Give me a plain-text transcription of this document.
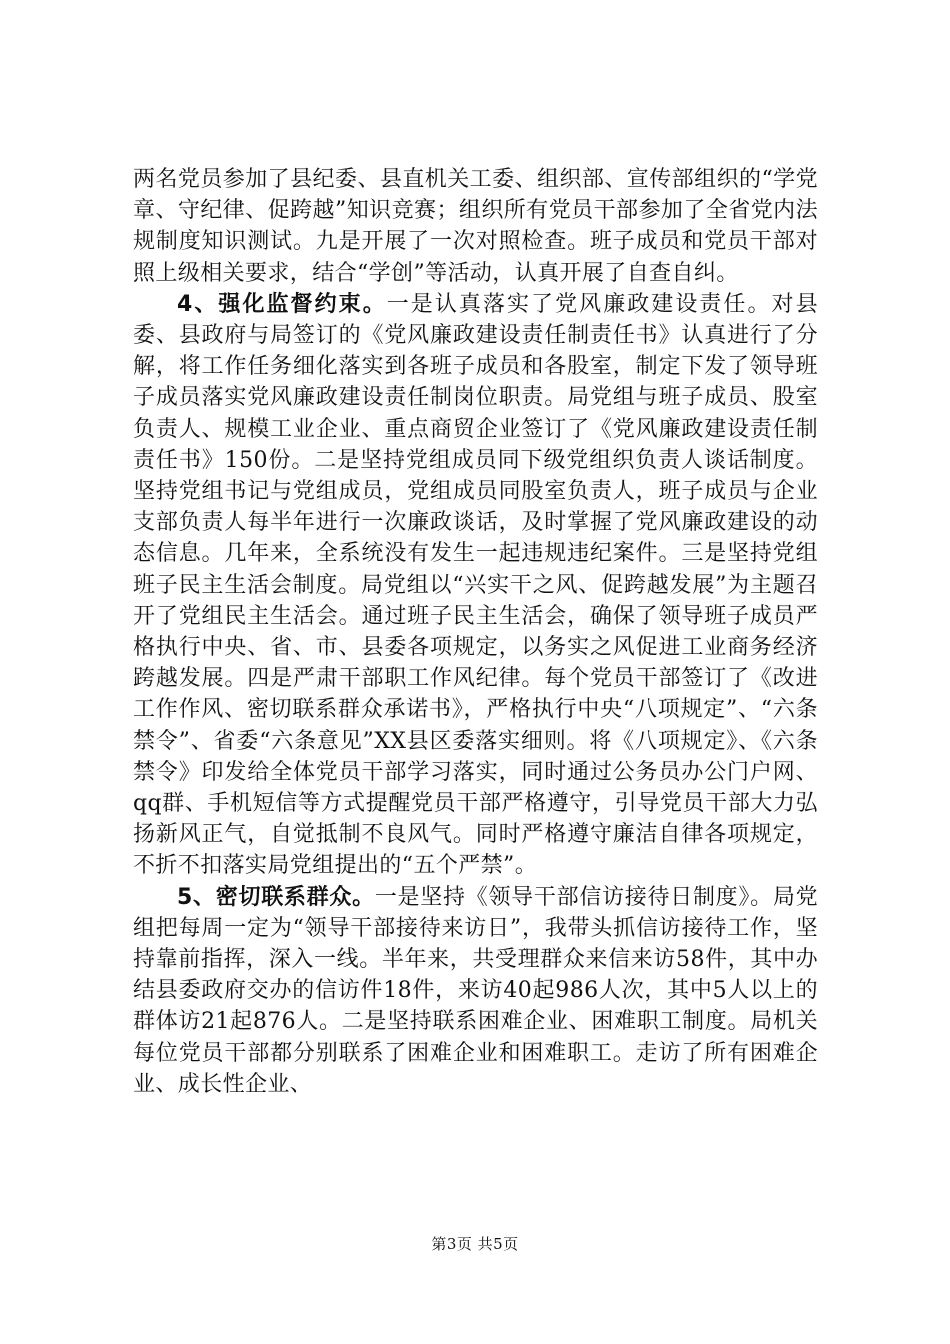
两名党员参加了县纪委、县直机关工委、组织部、宣传部组织的“学党章、守纪律、促跨越”知识竞赛；组织所有党员干部参加了全省党内法规制度知识测试。九是开展了一次对照检查。班子成员和党员干部对照上级相关要求，结合“学创”等活动，认真开展了自查自纠。

4、强化监督约束。一是认真落实了党风廉政建设责任。对县委、县政府与局签订的《党风廉政建设责任制责任书》认真进行了分解，将工作任务细化落实到各班子成员和各股室，制定下发了领导班子成员落实党风廉政建设责任制岗位职责。局党组与班子成员、股室负责人、规模工业企业、重点商贸企业签订了《党风廉政建设责任制责任书》150份。二是坚持党组成员同下级党组织负责人谈话制度。坚持党组书记与党组成员，党组成员同股室负责人，班子成员与企业支部负责人每半年进行一次廉政谈话，及时掌握了党风廉政建设的动态信息。几年来，全系统没有发生一起违规违纪案件。三是坚持党组班子民主生活会制度。局党组以“兴实干之风、促跨越发展”为主题召开了党组民主生活会。通过班子民主生活会，确保了领导班子成员严格执行中央、省、市、县委各项规定，以务实之风促进工业商务经济跨越发展。四是严肃干部职工作风纪律。每个党员干部签订了《改进工作作风、密切联系群众承诺书》，严格执行中央“八项规定”、“六条禁令”、省委“六条意见”XX县区委落实细则。将《八项规定》、《六条禁令》印发给全体党员干部学习落实，同时通过公务员办公门户网、qq群、手机短信等方式提醒党员干部严格遵守，引导党员干部大力弘扬新风正气，自觉抵制不良风气。同时严格遵守廉洁自律各项规定，不折不扣落实局党组提出的“五个严禁”。

5、密切联系群众。一是坚持《领导干部信访接待日制度》。局党组把每周一定为“领导干部接待来访日”，我带头抓信访接待工作，坚持靠前指挥，深入一线。半年来，共受理群众来信来访58件，其中办结县委政府交办的信访件18件，来访40起986人次，其中5人以上的群体访21起876人。二是坚持联系困难企业、困难职工制度。局机关每位党员干部都分别联系了困难企业和困难职工。走访了所有困难企业、成长性企业、

第3页 共5页
